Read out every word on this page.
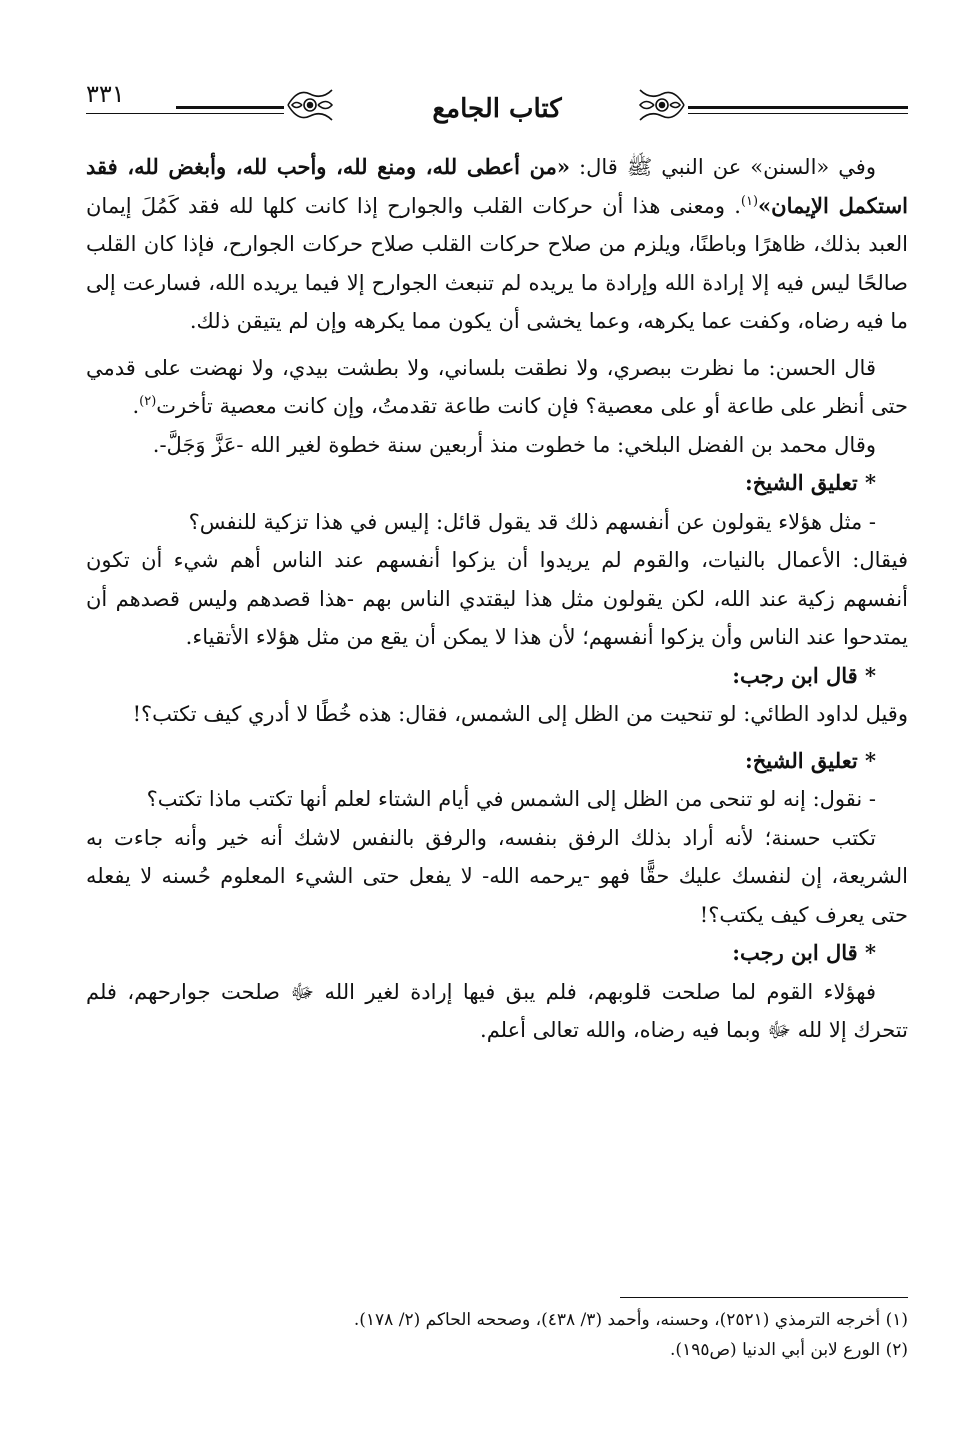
٣٣١	كتاب الجامع

وفي «السنن» عن النبي ﷺ قال: «من أعطى لله، ومنع لله، وأحب لله، وأبغض لله، فقد استكمل الإيمان»$^{(١)}$. ومعنى هذا أن حركات القلب والجوارح إذا كانت كلها لله فقد كَمُلَ إيمان العبد بذلك، ظاهرًا وباطنًا، ويلزم من صلاح حركات القلب صلاح حركات الجوارح، فإذا كان القلب صالحًا ليس فيه إلا إرادة الله وإرادة ما يريده لم تنبعث الجوارح إلا فيما يريده الله، فسارعت إلى ما فيه رضاه، وكفت عما يكرهه، وعما يخشى أن يكون مما يكرهه وإن لم يتيقن ذلك.

قال الحسن: ما نظرت ببصري، ولا نطقت بلساني، ولا بطشت بيدي، ولا نهضت على قدمي حتى أنظر على طاعة أو على معصية؟ فإن كانت طاعة تقدمتُ، وإن كانت معصية تأخرت$^{(٢)}$.

وقال محمد بن الفضل البلخي: ما خطوت منذ أربعين سنة خطوة لغير الله -عَزَّ وَجَلَّ-.

* تعليق الشيخ:

- مثل هؤلاء يقولون عن أنفسهم ذلك قد يقول قائل: إليس في هذا تزكية للنفس؟

فيقال: الأعمال بالنيات، والقوم لم يريدوا أن يزكوا أنفسهم عند الناس أهم شيء أن تكون أنفسهم زكية عند الله، لكن يقولون مثل هذا ليقتدي الناس بهم -هذا قصدهم وليس قصدهم أن يمتدحوا عند الناس وأن يزكوا أنفسهم؛ لأن هذا لا يمكن أن يقع من مثل هؤلاء الأتقياء.

* قال ابن رجب:

وقيل لداود الطائي: لو تنحيت من الظل إلى الشمس، فقال: هذه خُطًا لا أدري كيف تكتب؟!

* تعليق الشيخ:

- نقول: إنه لو تنحى من الظل إلى الشمس في أيام الشتاء لعلم أنها تكتب ماذا تكتب؟

تكتب حسنة؛ لأنه أراد بذلك الرفق بنفسه، والرفق بالنفس لاشك أنه خير وأنه جاءت به الشريعة، إن لنفسك عليك حقًّا فهو -يرحمه الله- لا يفعل حتى الشيء المعلوم حُسنه لا يفعله حتى يعرف كيف يكتب؟!

* قال ابن رجب:

فهؤلاء القوم لما صلحت قلوبهم، فلم يبق فيها إرادة لغير الله ﷻ صلحت جوارحهم، فلم تتحرك إلا لله ﷻ وبما فيه رضاه، والله تعالى أعلم.

(١) أخرجه الترمذي (٢٥٢١)، وحسنه، وأحمد (٣/ ٤٣٨)، وصححه الحاكم (٢/ ١٧٨).

(٢) الورع لابن أبي الدنيا (ص١٩٥).
